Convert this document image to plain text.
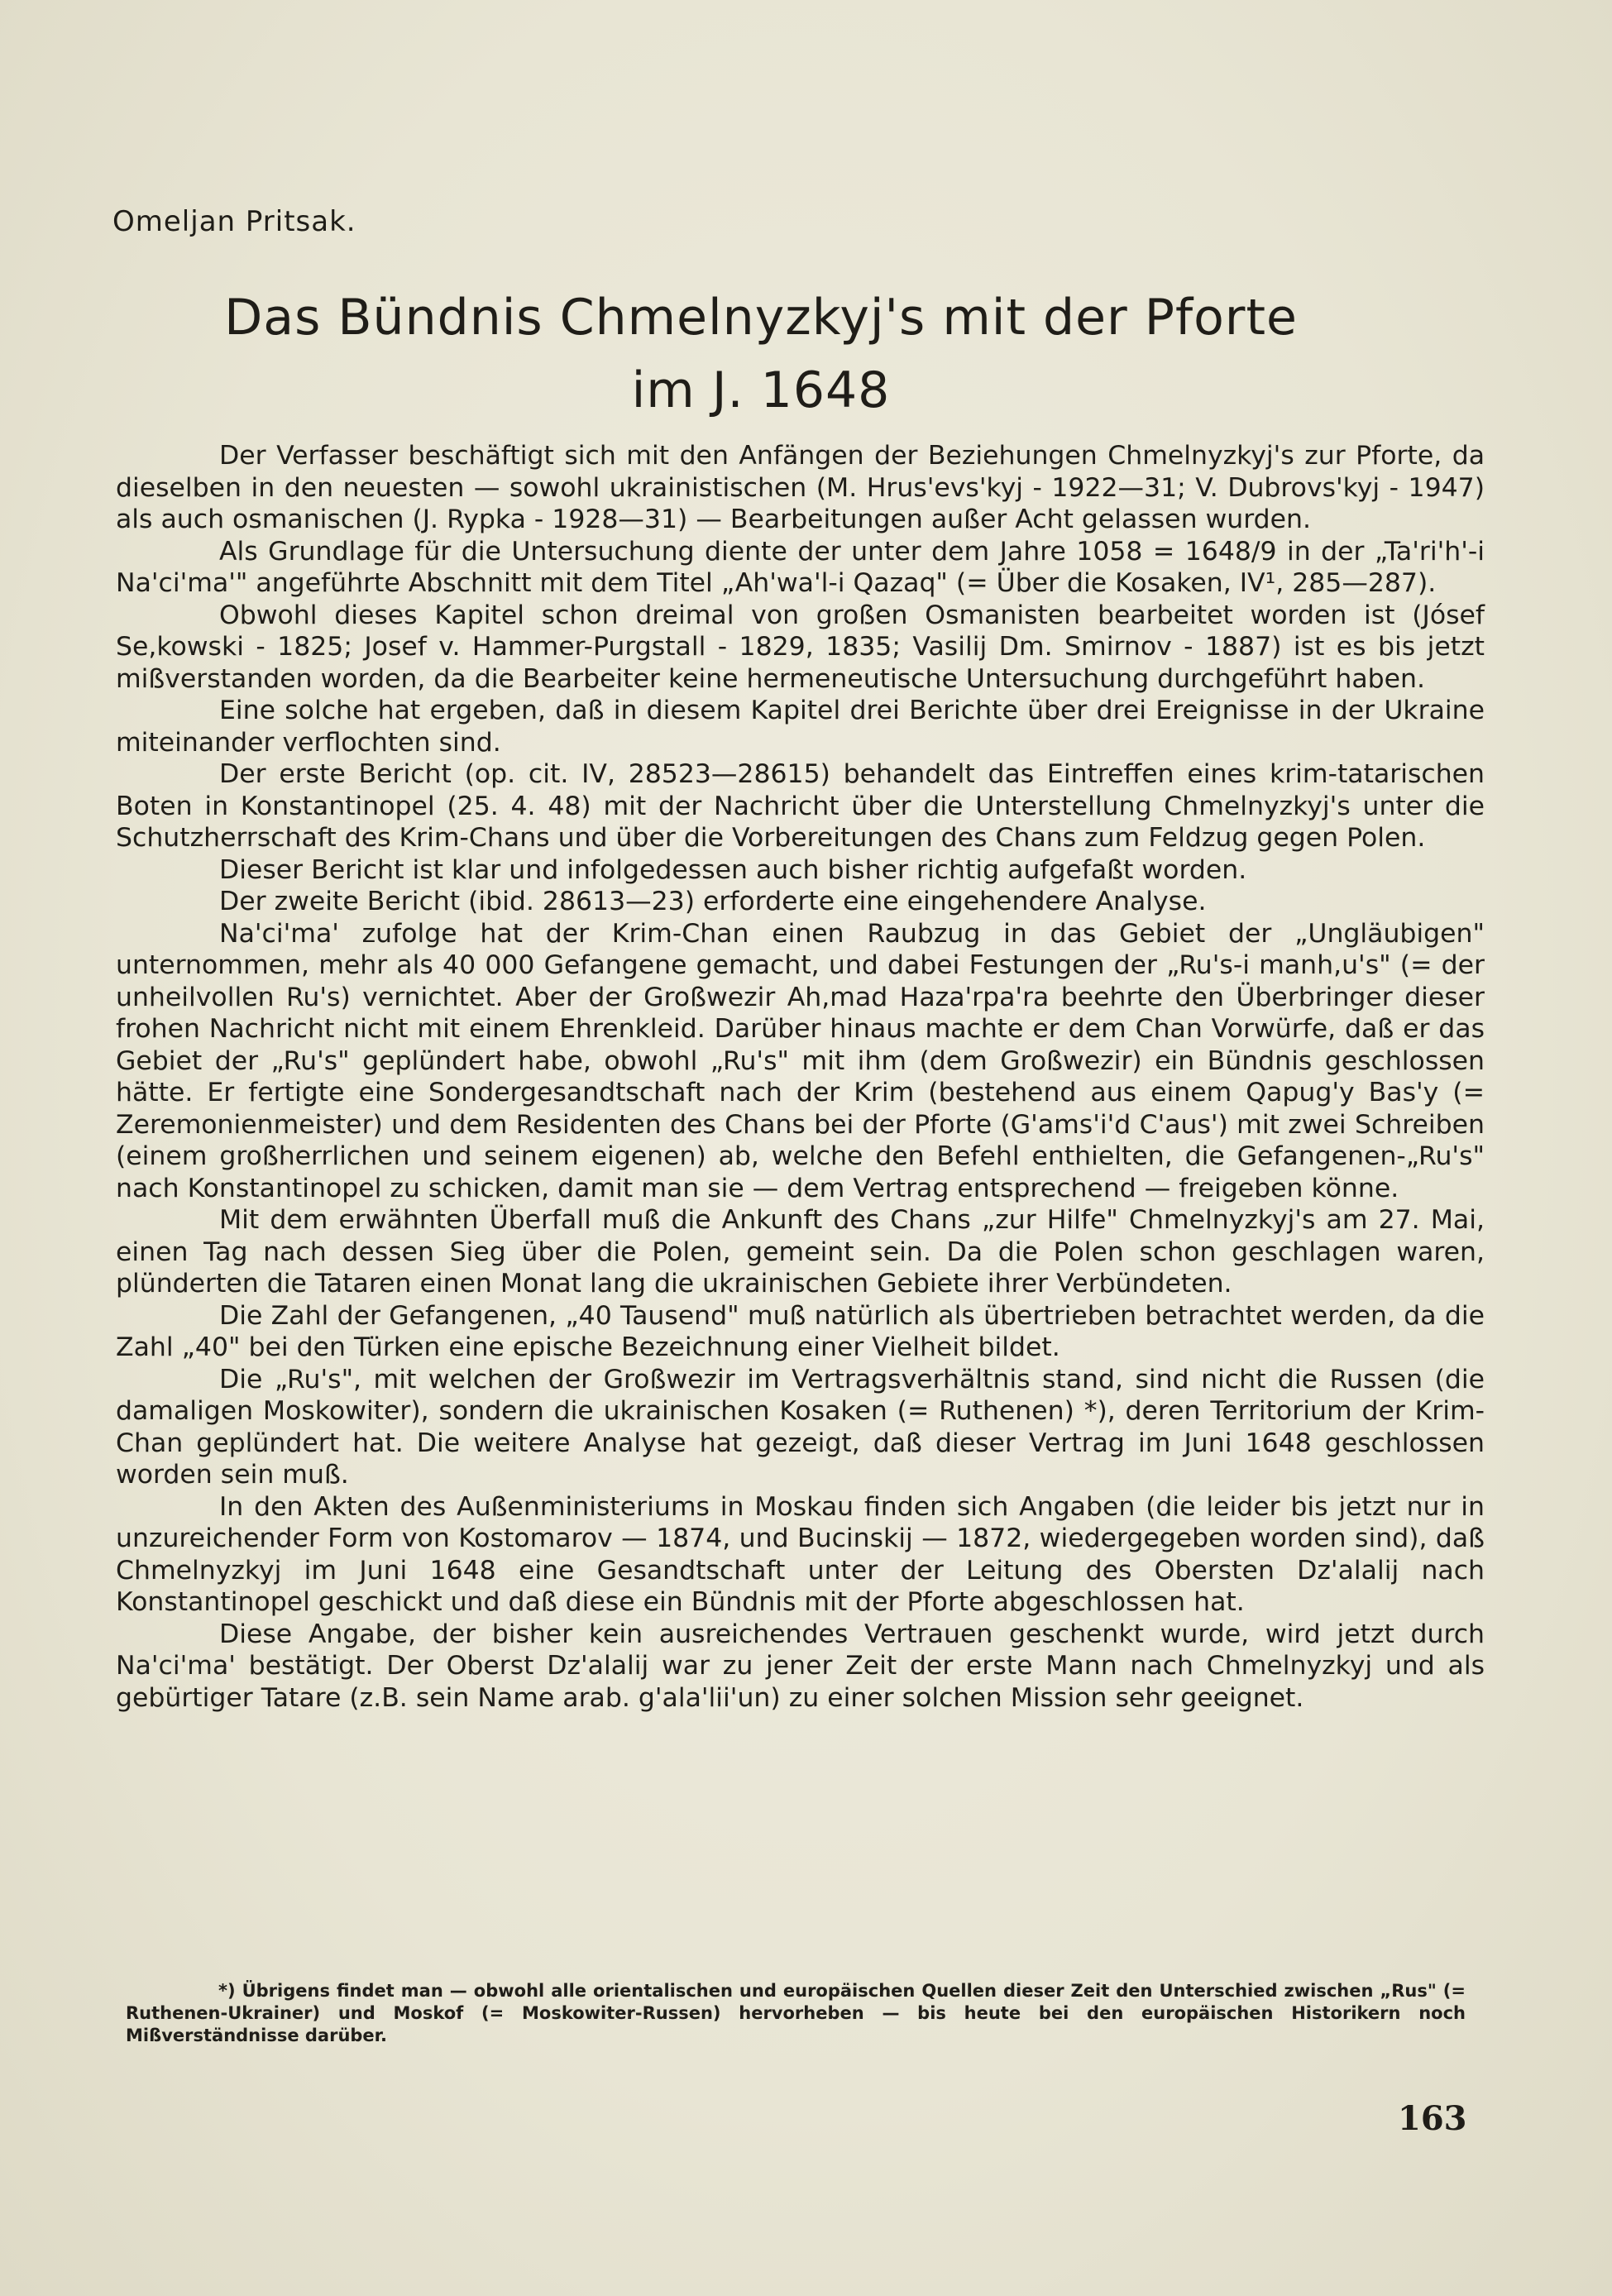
Omeljan Pritsak.
Das Bündnis Chmelnyzkyj's mit der Pforte
im J. 1648

Der Verfasser beschäftigt sich mit den Anfängen der Beziehungen Chmelnyzkyj's zur Pforte, da dieselben in den neuesten — sowohl ukrainistischen (M. Hrus'evs'kyj - 1922—31; V. Dubrovs'kyj - 1947) als auch osmanischen (J. Rypka - 1928—31) — Bearbeitungen außer Acht gelassen wurden.

Als Grundlage für die Untersuchung diente der unter dem Jahre 1058 = 1648/9 in der „Ta'ri'h'-i Na'ci'ma'" angeführte Abschnitt mit dem Titel „Ah'wa'l-i Qazaq" (= Über die Kosaken, IV¹, 285—287).

Obwohl dieses Kapitel schon dreimal von großen Osmanisten bearbeitet worden ist (Jósef Se,kowski - 1825; Josef v. Hammer-Purgstall - 1829, 1835; Vasilij Dm. Smirnov - 1887) ist es bis jetzt mißverstanden worden, da die Bearbeiter keine hermeneutische Untersuchung durchgeführt haben.

Eine solche hat ergeben, daß in diesem Kapitel drei Berichte über drei Ereignisse in der Ukraine miteinander verflochten sind.

Der erste Bericht (op. cit. IV, 28523—28615) behandelt das Eintreffen eines krim-tatarischen Boten in Konstantinopel (25. 4. 48) mit der Nachricht über die Unterstellung Chmelnyzkyj's unter die Schutzherrschaft des Krim-Chans und über die Vorbereitungen des Chans zum Feldzug gegen Polen.

Dieser Bericht ist klar und infolgedessen auch bisher richtig aufgefaßt worden.

Der zweite Bericht (ibid. 28613—23) erforderte eine eingehendere Analyse.

Na'ci'ma' zufolge hat der Krim-Chan einen Raubzug in das Gebiet der „Ungläubigen" unternommen, mehr als 40 000 Gefangene gemacht, und dabei Festungen der „Ru's-i manh,u's" (= der unheilvollen Ru's) vernichtet. Aber der Großwezir Ah,mad Haza'rpa'ra beehrte den Überbringer dieser frohen Nachricht nicht mit einem Ehrenkleid. Darüber hinaus machte er dem Chan Vorwürfe, daß er das Gebiet der „Ru's" geplündert habe, obwohl „Ru's" mit ihm (dem Großwezir) ein Bündnis geschlossen hätte. Er fertigte eine Sondergesandtschaft nach der Krim (bestehend aus einem Qapug'y Bas'y (= Zeremonienmeister) und dem Residenten des Chans bei der Pforte (G'ams'i'd C'aus') mit zwei Schreiben (einem großherrlichen und seinem eigenen) ab, welche den Befehl enthielten, die Gefangenen-„Ru's" nach Konstantinopel zu schicken, damit man sie — dem Vertrag entsprechend — freigeben könne.

Mit dem erwähnten Überfall muß die Ankunft des Chans „zur Hilfe" Chmelnyzkyj's am 27. Mai, einen Tag nach dessen Sieg über die Polen, gemeint sein. Da die Polen schon geschlagen waren, plünderten die Tataren einen Monat lang die ukrainischen Gebiete ihrer Verbündeten.

Die Zahl der Gefangenen, „40 Tausend" muß natürlich als übertrieben betrachtet werden, da die Zahl „40" bei den Türken eine epische Bezeichnung einer Vielheit bildet.

Die „Ru's", mit welchen der Großwezir im Vertragsverhältnis stand, sind nicht die Russen (die damaligen Moskowiter), sondern die ukrainischen Kosaken (= Ruthenen) *), deren Territorium der Krim-Chan geplündert hat. Die weitere Analyse hat gezeigt, daß dieser Vertrag im Juni 1648 geschlossen worden sein muß.

In den Akten des Außenministeriums in Moskau finden sich Angaben (die leider bis jetzt nur in unzureichender Form von Kostomarov — 1874, und Bucinskij — 1872, wiedergegeben worden sind), daß Chmelnyzkyj im Juni 1648 eine Gesandtschaft unter der Leitung des Obersten Dz'alalij nach Konstantinopel geschickt und daß diese ein Bündnis mit der Pforte abgeschlossen hat.

Diese Angabe, der bisher kein ausreichendes Vertrauen geschenkt wurde, wird jetzt durch Na'ci'ma' bestätigt. Der Oberst Dz'alalij war zu jener Zeit der erste Mann nach Chmelnyzkyj und als gebürtiger Tatare (z.B. sein Name arab. g'ala'lii'un) zu einer solchen Mission sehr geeignet.

*) Übrigens findet man — obwohl alle orientalischen und europäischen Quellen dieser Zeit den Unterschied zwischen „Rus" (= Ruthenen-Ukrainer) und Moskof (= Moskowiter-Russen) hervorheben — bis heute bei den europäischen Historikern noch Mißverständnisse darüber.
163
